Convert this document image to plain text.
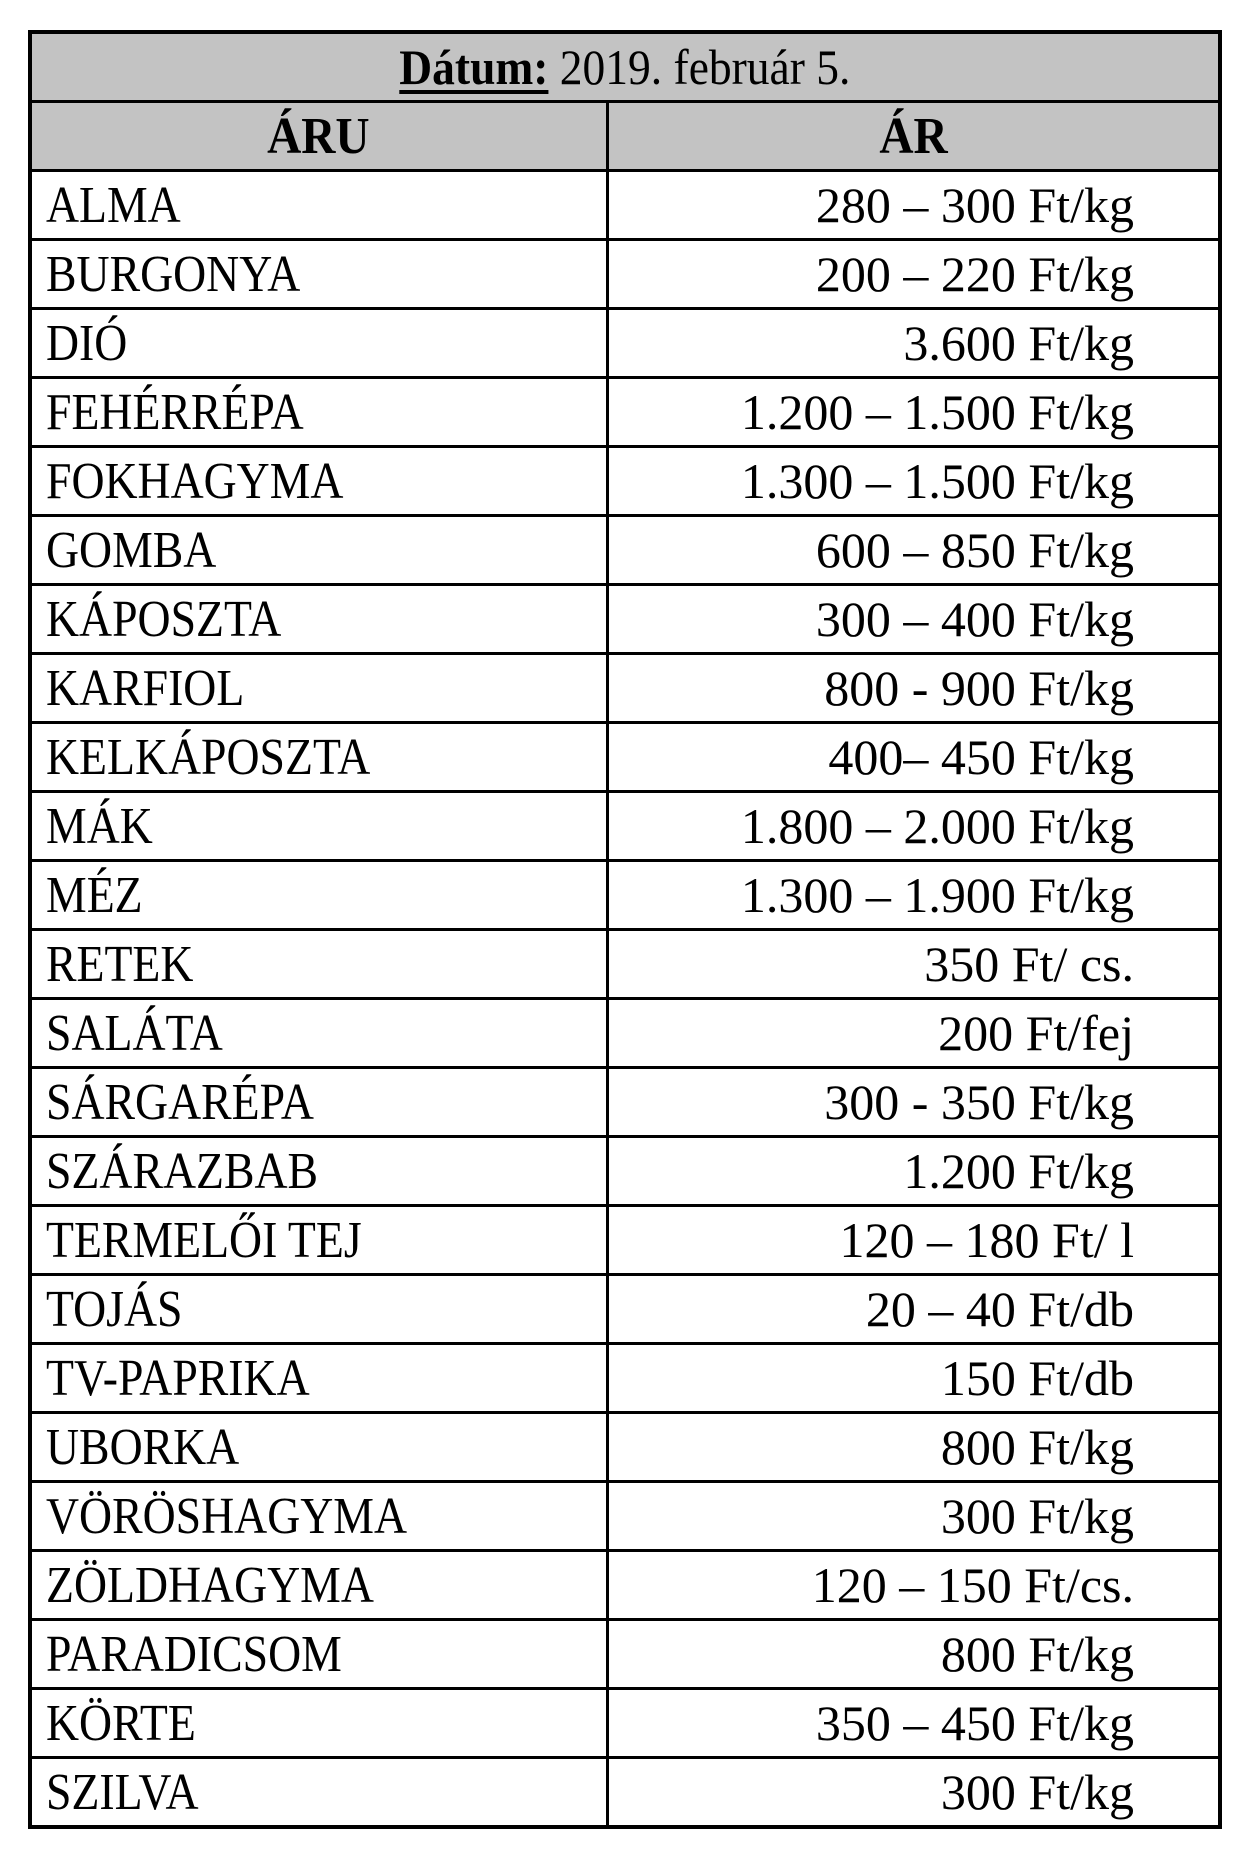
Dátum: 2019. február 5.	
ÁRU	ÁR
ALMA	280 – 300 Ft/kg
BURGONYA	200 – 220 Ft/kg
DIÓ	3.600 Ft/kg
FEHÉRRÉPA	1.200 – 1.500 Ft/kg
FOKHAGYMA	1.300 – 1.500 Ft/kg
GOMBA	600 – 850 Ft/kg
KÁPOSZTA	300 – 400 Ft/kg
KARFIOL	800 - 900 Ft/kg
KELKÁPOSZTA	400– 450 Ft/kg
MÁK	1.800 – 2.000 Ft/kg
MÉZ	1.300 – 1.900 Ft/kg
RETEK	350 Ft/ cs.
SALÁTA	200 Ft/fej
SÁRGARÉPA	300 - 350 Ft/kg
SZÁRAZBAB	1.200 Ft/kg
TERMELŐI TEJ	120 – 180 Ft/ l
TOJÁS	20 – 40 Ft/db
TV-PAPRIKA	150 Ft/db
UBORKA	800 Ft/kg
VÖRÖSHAGYMA	300 Ft/kg
ZÖLDHAGYMA	120 – 150 Ft/cs.
PARADICSOM	800 Ft/kg
KÖRTE	350 – 450 Ft/kg
SZILVA	300 Ft/kg
